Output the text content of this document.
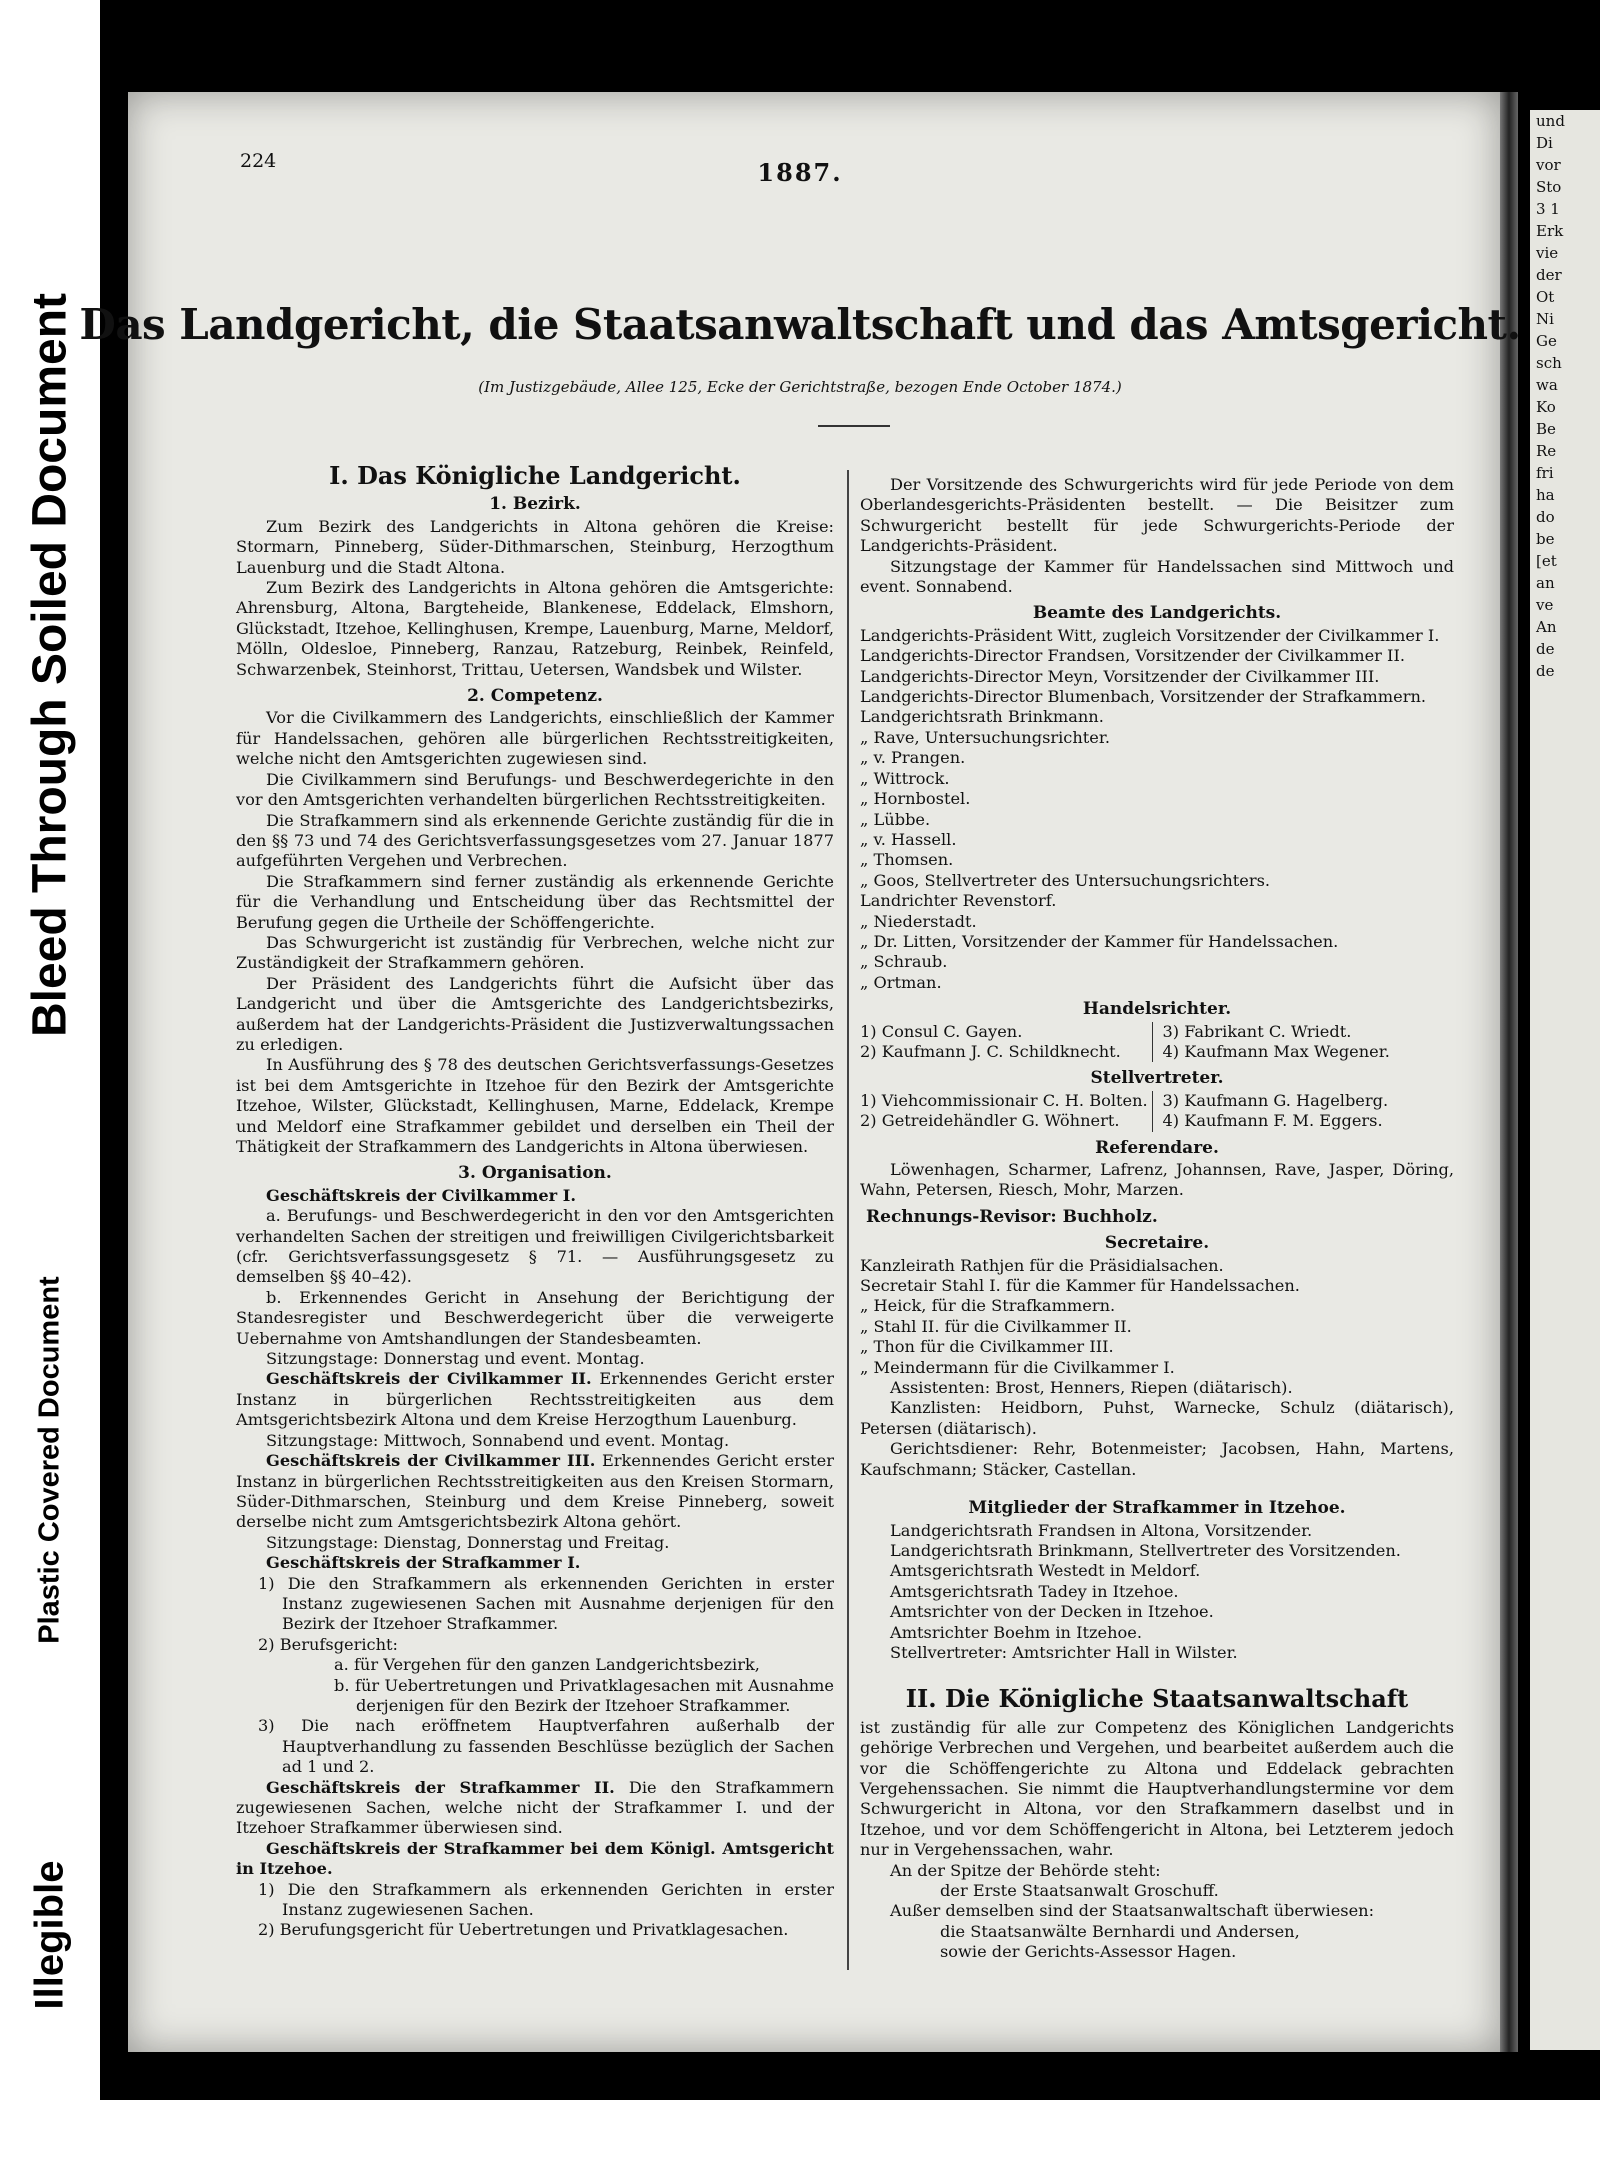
Illegible
Plastic Covered Document
Bleed Through Soiled Document
und
Di
vor
Sto
3 1
Erk
vie
der
Ot
Ni
Ge
sch
wa
Ko
Be
Re
fri
ha
do
be
[et
an
ve
An
de
de
224	1887.
Das Landgericht, die Staatsanwaltschaft und das Amtsgericht.
(Im Justizgebäude, Allee 125, Ecke der Gerichtstraße, bezogen Ende October 1874.)

I. Das Königliche Landgericht.

1. Bezirk.

Zum Bezirk des Landgerichts in Altona gehören die Kreise: Stormarn, Pinneberg, Süder-Dithmarschen, Steinburg, Herzogthum Lauenburg und die Stadt Altona.

Zum Bezirk des Landgerichts in Altona gehören die Amtsgerichte: Ahrensburg, Altona, Bargteheide, Blankenese, Eddelack, Elmshorn, Glückstadt, Itzehoe, Kellinghusen, Krempe, Lauenburg, Marne, Meldorf, Mölln, Oldesloe, Pinneberg, Ranzau, Ratzeburg, Reinbek, Reinfeld, Schwarzenbek, Steinhorst, Trittau, Uetersen, Wandsbek und Wilster.

2. Competenz.

Vor die Civilkammern des Landgerichts, einschließlich der Kammer für Handelssachen, gehören alle bürgerlichen Rechtsstreitigkeiten, welche nicht den Amtsgerichten zugewiesen sind.

Die Civilkammern sind Berufungs- und Beschwerdegerichte in den vor den Amtsgerichten verhandelten bürgerlichen Rechtsstreitigkeiten.

Die Strafkammern sind als erkennende Gerichte zuständig für die in den §§ 73 und 74 des Gerichtsverfassungsgesetzes vom 27. Januar 1877 aufgeführten Vergehen und Verbrechen.

Die Strafkammern sind ferner zuständig als erkennende Gerichte für die Verhandlung und Entscheidung über das Rechtsmittel der Berufung gegen die Urtheile der Schöffengerichte.

Das Schwurgericht ist zuständig für Verbrechen, welche nicht zur Zuständigkeit der Strafkammern gehören.

Der Präsident des Landgerichts führt die Aufsicht über das Landgericht und über die Amtsgerichte des Landgerichtsbezirks, außerdem hat der Landgerichts-Präsident die Justizverwaltungssachen zu erledigen.

In Ausführung des § 78 des deutschen Gerichtsverfassungs-Gesetzes ist bei dem Amtsgerichte in Itzehoe für den Bezirk der Amtsgerichte Itzehoe, Wilster, Glückstadt, Kellinghusen, Marne, Eddelack, Krempe und Meldorf eine Strafkammer gebildet und derselben ein Theil der Thätigkeit der Strafkammern des Landgerichts in Altona überwiesen.

3. Organisation.

Geschäftskreis der Civilkammer I.

a. Berufungs- und Beschwerdegericht in den vor den Amtsgerichten verhandelten Sachen der streitigen und freiwilligen Civilgerichtsbarkeit (cfr. Gerichtsverfassungsgesetz § 71. — Ausführungsgesetz zu demselben §§ 40–42).

b. Erkennendes Gericht in Ansehung der Berichtigung der Standesregister und Beschwerdegericht über die verweigerte Uebernahme von Amtshandlungen der Standesbeamten.

Sitzungstage: Donnerstag und event. Montag.

Geschäftskreis der Civilkammer II. Erkennendes Gericht erster Instanz in bürgerlichen Rechtsstreitigkeiten aus dem Amtsgerichtsbezirk Altona und dem Kreise Herzogthum Lauenburg.

Sitzungstage: Mittwoch, Sonnabend und event. Montag.

Geschäftskreis der Civilkammer III. Erkennendes Gericht erster Instanz in bürgerlichen Rechtsstreitigkeiten aus den Kreisen Stormarn, Süder-Dithmarschen, Steinburg und dem Kreise Pinneberg, soweit derselbe nicht zum Amtsgerichtsbezirk Altona gehört.

Sitzungstage: Dienstag, Donnerstag und Freitag.

Geschäftskreis der Strafkammer I.

1) Die den Strafkammern als erkennenden Gerichten in erster Instanz zugewiesenen Sachen mit Ausnahme derjenigen für den Bezirk der Itzehoer Strafkammer.

2) Berufsgericht:

a. für Vergehen für den ganzen Landgerichtsbezirk,

b. für Uebertretungen und Privatklagesachen mit Ausnahme derjenigen für den Bezirk der Itzehoer Strafkammer.

3) Die nach eröffnetem Hauptverfahren außerhalb der Hauptverhandlung zu fassenden Beschlüsse bezüglich der Sachen ad 1 und 2.

Geschäftskreis der Strafkammer II. Die den Strafkammern zugewiesenen Sachen, welche nicht der Strafkammer I. und der Itzehoer Strafkammer überwiesen sind.

Geschäftskreis der Strafkammer bei dem Königl. Amtsgericht in Itzehoe.

1) Die den Strafkammern als erkennenden Gerichten in erster Instanz zugewiesenen Sachen.

2) Berufungsgericht für Uebertretungen und Privatklagesachen.

Der Vorsitzende des Schwurgerichts wird für jede Periode von dem Oberlandesgerichts-Präsidenten bestellt. — Die Beisitzer zum Schwurgericht bestellt für jede Schwurgerichts-Periode der Landgerichts-Präsident.

Sitzungstage der Kammer für Handelssachen sind Mittwoch und event. Sonnabend.

Beamte des Landgerichts.

Landgerichts-Präsident Witt, zugleich Vorsitzender der Civilkammer I.

Landgerichts-Director Frandsen, Vorsitzender der Civilkammer II.

Landgerichts-Director Meyn, Vorsitzender der Civilkammer III.

Landgerichts-Director Blumenbach, Vorsitzender der Strafkammern.

Landgerichtsrath Brinkmann.

„ Rave, Untersuchungsrichter.

„ v. Prangen.

„ Wittrock.

„ Hornbostel.

„ Lübbe.

„ v. Hassell.

„ Thomsen.

„ Goos, Stellvertreter des Untersuchungsrichters.

Landrichter Revenstorf.

„ Niederstadt.

„ Dr. Litten, Vorsitzender der Kammer für Handelssachen.

„ Schraub.

„ Ortman.

Handelsrichter.

1) Consul C. Gayen.

2) Kaufmann J. C. Schildknecht.

3) Fabrikant C. Wriedt.

4) Kaufmann Max Wegener.

Stellvertreter.

1) Viehcommissionair C. H. Bolten.

2) Getreidehändler G. Wöhnert.

3) Kaufmann G. Hagelberg.

4) Kaufmann F. M. Eggers.

Referendare.

Löwenhagen, Scharmer, Lafrenz, Johannsen, Rave, Jasper, Döring, Wahn, Petersen, Riesch, Mohr, Marzen.

Rechnungs-Revisor: Buchholz.

Secretaire.

Kanzleirath Rathjen für die Präsidialsachen.

Secretair Stahl I. für die Kammer für Handelssachen.

„ Heick, für die Strafkammern.

„ Stahl II. für die Civilkammer II.

„ Thon für die Civilkammer III.

„ Meindermann für die Civilkammer I.

Assistenten: Brost, Henners, Riepen (diätarisch).

Kanzlisten: Heidborn, Puhst, Warnecke, Schulz (diätarisch), Petersen (diätarisch).

Gerichtsdiener: Rehr, Botenmeister; Jacobsen, Hahn, Martens, Kaufschmann; Stäcker, Castellan.

Mitglieder der Strafkammer in Itzehoe.

Landgerichtsrath Frandsen in Altona, Vorsitzender.

Landgerichtsrath Brinkmann, Stellvertreter des Vorsitzenden.

Amtsgerichtsrath Westedt in Meldorf.

Amtsgerichtsrath Tadey in Itzehoe.

Amtsrichter von der Decken in Itzehoe.

Amtsrichter Boehm in Itzehoe.

Stellvertreter: Amtsrichter Hall in Wilster.

II. Die Königliche Staatsanwaltschaft

ist zuständig für alle zur Competenz des Königlichen Landgerichts gehörige Verbrechen und Vergehen, und bearbeitet außerdem auch die vor die Schöffengerichte zu Altona und Eddelack gebrachten Vergehenssachen. Sie nimmt die Hauptverhandlungstermine vor dem Schwurgericht in Altona, vor den Strafkammern daselbst und in Itzehoe, und vor dem Schöffengericht in Altona, bei Letzterem jedoch nur in Vergehenssachen, wahr.

An der Spitze der Behörde steht:

der Erste Staatsanwalt Groschuff.

Außer demselben sind der Staatsanwaltschaft überwiesen:

die Staatsanwälte Bernhardi und Andersen,

sowie der Gerichts-Assessor Hagen.
